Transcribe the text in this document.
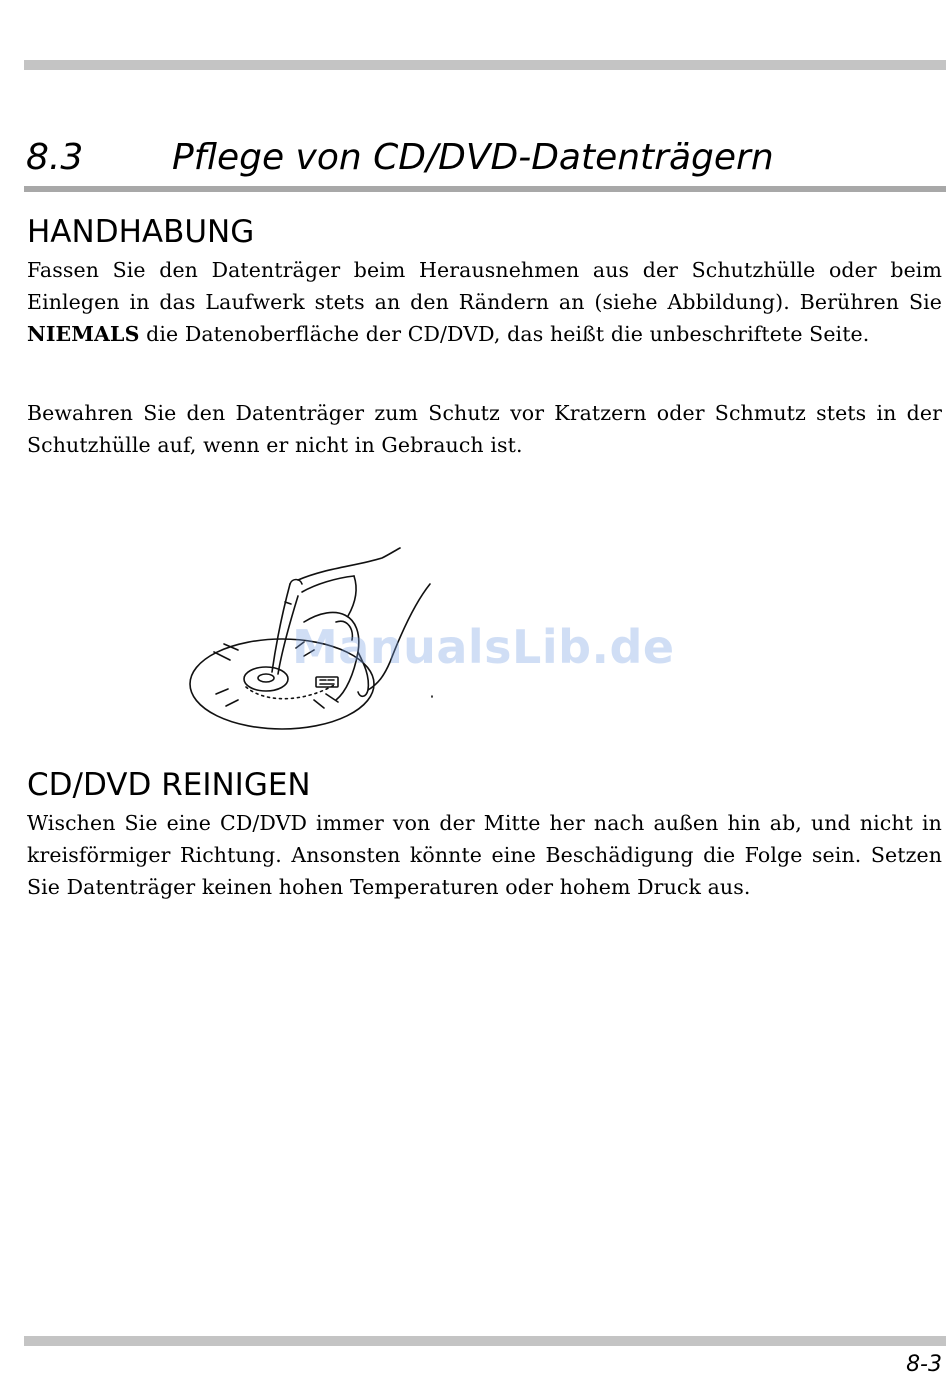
8.3 Pflege von CD/DVD-Datenträgern
HANDHABUNG

Fassen Sie den Datenträger beim Herausnehmen aus der Schutzhülle oder beim Einlegen in das Laufwerk stets an den Rändern an (siehe Abbildung). Berühren Sie NIEMALS die Datenoberfläche der CD/DVD, das heißt die unbeschriftete Seite.

Bewahren Sie den Datenträger zum Schutz vor Kratzern oder Schmutz stets in der Schutzhülle auf, wenn er nicht in Gebrauch ist.

ManualsLib.de
CD/DVD REINIGEN

Wischen Sie eine CD/DVD immer von der Mitte her nach außen hin ab, und nicht in kreisförmiger Richtung. Ansonsten könnte eine Beschädigung die Folge sein. Setzen Sie Datenträger keinen hohen Temperaturen oder hohem Druck aus.

8-3
